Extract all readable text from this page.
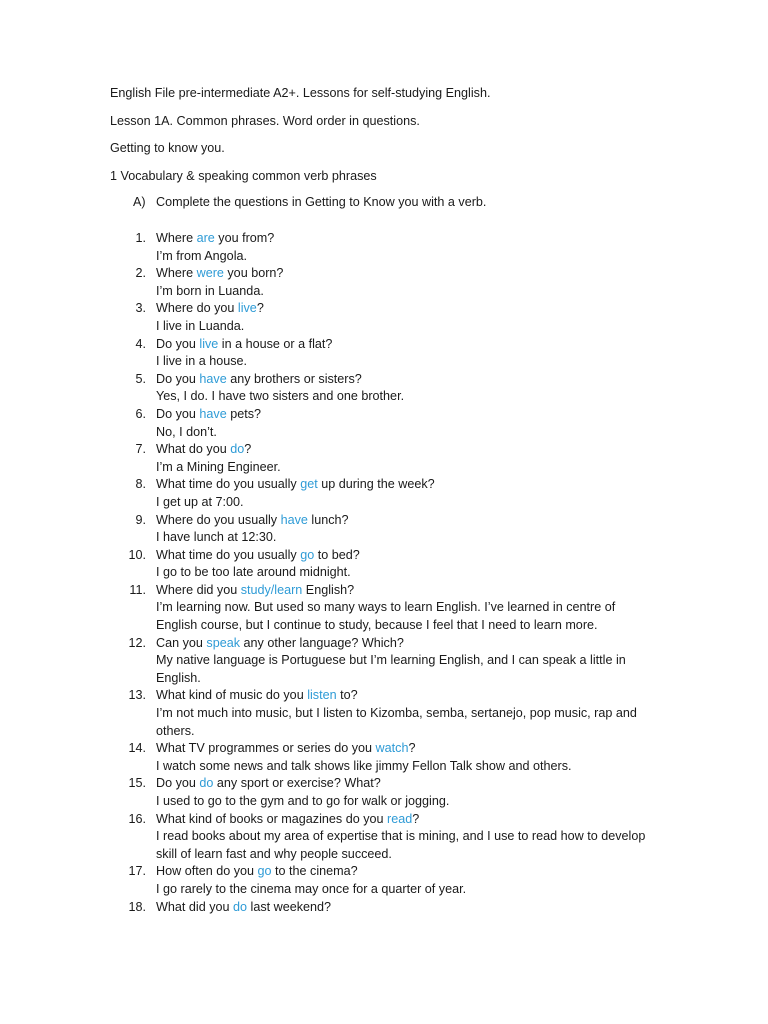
English File pre-intermediate A2+. Lessons for self-studying English.

Lesson 1A. Common phrases. Word order in questions.

Getting to know you.

1 Vocabulary & speaking common verb phrases

A) Complete the questions in Getting to Know you with a verb.
1. Where are you from?
I’m from Angola.
2. Where were you born?
I’m born in Luanda.
3. Where do you live?
I live in Luanda.
4. Do you live in a house or a flat?
I live in a house.
5. Do you have any brothers or sisters?
Yes, I do. I have two sisters and one brother.
6. Do you have pets?
No, I don’t.
7. What do you do?
I’m a Mining Engineer.
8. What time do you usually get up during the week?
I get up at 7:00.
9. Where do you usually have lunch?
I have lunch at 12:30.
10. What time do you usually go to bed?
I go to be too late around midnight.
11. Where did you study/learn English?
I’m learning now. But used so many ways to learn English. I’ve learned in centre of English course, but I continue to study, because I feel that I need to learn more.
12. Can you speak any other language? Which?
My native language is Portuguese but I’m learning English, and I can speak a little in English.
13. What kind of music do you listen to?
I’m not much into music, but I listen to Kizomba, semba, sertanejo, pop music, rap and others.
14. What TV programmes or series do you watch?
I watch some news and talk shows like jimmy Fellon Talk show and others.
15. Do you do any sport or exercise? What?
I used to go to the gym and to go for walk or jogging.
16. What kind of books or magazines do you read?
I read books about my area of expertise that is mining, and I use to read how to develop skill of learn fast and why people succeed.
17. How often do you go to the cinema?
I go rarely to the cinema may once for a quarter of year.
18. What did you do last weekend?
